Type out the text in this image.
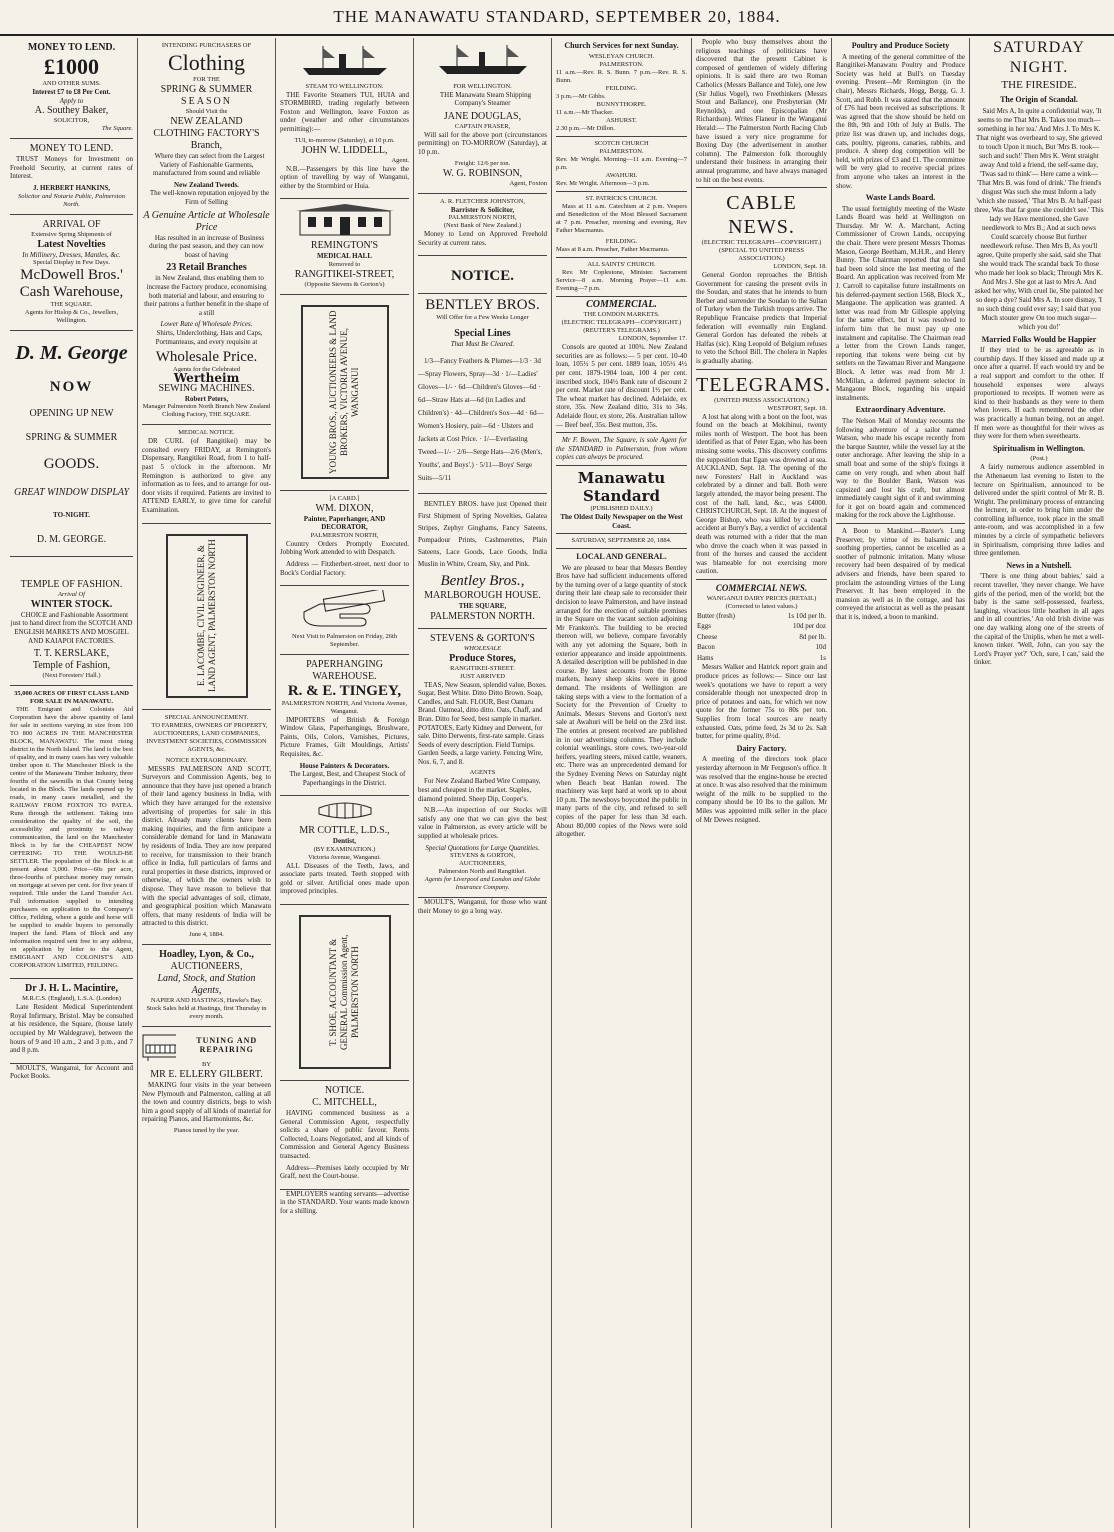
THE MANAWATU STANDARD, SEPTEMBER 20, 1884.
MONEY TO LEND.
£1000
AND OTHER SUMS.
Interest £7 to £8 Per Cent.
Apply to
A. Southey Baker,
SOLICITOR,
The Square.
MONEY TO LEND.

TRUST Moneys for Investment on Freehold Security, at current rates of Interest.

J. HERBERT HANKINS,
Solicitor and Notarie Public, Palmerston North.
ARRIVAL OF
Extensive Spring Shipments of
Latest Novelties
In Millinery, Dresses, Mantles, &c.
Special Display in Few Days.
McDowell Bros.'
Cash Warehouse,
THE SQUARE.
Agents for Hislop & Co., Jewellers, Wellington.
D. M. George
NOW
OPENING UP NEW
SPRING & SUMMER
GOODS.
GREAT WINDOW DISPLAY
TO-NIGHT.
D. M. GEORGE.
TEMPLE OF FASHION.
Arrival Of
WINTER STOCK.

CHOICE and Fashionable Assortment just to hand direct from the SCOTCH AND ENGLISH MARKETS AND MOSGIEL AND KAIAPOI FACTORIES.

T. T. KERSLAKE,
Temple of Fashion,
(Next Foresters' Hall.)
35,000 ACRES OF FIRST CLASS LAND FOR SALE IN MANAWATU.

THE Emigrant and Colonists Aid Corporation have the above quantity of land for sale in sections varying in size from 100 TO 800 ACRES IN THE MANCHESTER BLOCK, MANAWATU. The most rising district in the North Island. The land is the best of quality, and in many cases has very valuable timber upon it. The Manchester Block is the centre of the Manawatu Timber Industry, three fourths of the sawmills in that County being located in the Block. The lands opened up by roads, in many cases metalled, and the RAILWAY FROM FOXTON TO PATEA. Runs through the settlement. Taking into consideration the quality of the soil, the accessibility and proximity to railway communication, the land on the Manchester Block is by far the CHEAPEST NOW OFFERING TO THE WOULD-BE SETTLER. The population of the Block is at present about 3,000. Price—60s per acre, three-fourths of purchase money may remain on mortgage at seven per cent. for five years if required. Title under the Land Transfer Act. Full information supplied to intending purchasers on application to the Company's Office, Feilding, where a guide and horse will be supplied to enable buyers to personally inspect the land. Plans of Block and any information required sent free to any address, on application by letter to the Agent, EMIGRANT AND COLONIST'S AID CORPORATION LIMITED, FEILDING.

Dr J. H. L. Macintire,
M.R.C.S. (England), L.S.A. (London)

Late Resident Medical Superintendent Royal Infirmary, Bristol. May be consulted at his residence, the Square, (house lately occupied by Mr Waldegrave), between the hours of 9 and 10 a.m., 2 and 3 p.m., and 7 and 8 p.m.

MOULT'S, Wanganui, for Account and Pocket Books.

INTENDING PURCHASERS OF
Clothing
FOR THE
SPRING & SUMMER
SEASON
Should Visit the
NEW ZEALAND
CLOTHING FACTORY'S
Branch,

Where they can select from the Largest Variety of Fashionable Garments, manufactured from sound and reliable

New Zealand Tweeds.

The well-known reputation enjoyed by the Firm of Selling

A Genuine Article at Wholesale Price

Has resulted in an increase of Business during the past season, and they can now boast of having

23 Retail Branches

in New Zealand, thus enabling them to increase the Factory produce, economising both material and labour, and ensuring to their patrons a further benefit in the shape of a still

Lower Rate of Wholesale Prices.

Shirts, Underclothing, Hats and Caps, Portmanteaus, and every requisite at

Wholesale Price.
Agents for the Celebrated
Wertheim
SEWING MACHINES.
Robert Peters,
Manager Palmerston North Branch New Zealand Clothing Factory, THE SQUARE.
MEDICAL NOTICE.

DR CURL (of Rangitikei) may be consulted every FRIDAY, at Remington's Dispensary, Rangitikei Road, from 1 to half-past 5 o'clock in the afternoon. Mr Remington is authorized to give any information as to fees, and to arrange for out-door visits if required. Patients are invited to ATTEND EARLY, to give time for careful Examination.

E. LACOMBE, CIVIL ENGINEER, & LAND AGENT, PALMERSTON NORTH
SPECIAL ANNOUNCEMENT.

TO FARMERS, OWNERS OF PROPERTY, AUCTIONEERS, LAND COMPANIES, INVESTMENT SOCIETIES, COMMISSION AGENTS, &c.

NOTICE EXTRAORDINARY.

MESSRS PALMERSON AND SCOTT, Surveyors and Commission Agents, beg to announce that they have just opened a branch of their land agency business in India, with which they have arranged for the extensive advertising of properties for sale in this district. Already many clients have been making inquiries, and the firm anticipate a considerable demand for land in Manawatu by residents of India. They are now prepared to receive, for transmission to their branch office in India, full particulars of farms and rural properties in these districts, improved or otherwise, of which the owners wish to dispose. They have reason to believe that with the special advantages of soil, climate, and geographical position which Manawatu offers, that many residents of India will be attracted to this district.

June 4, 1884.
Hoadley, Lyon, & Co.,
AUCTIONEERS,
Land, Stock, and Station Agents,
NAPIER AND HASTINGS, Hawke's Bay.
Stock Sales held at Hastings, first Thursday in every month.
TUNING AND REPAIRING
BY
MR E. ELLERY GILBERT.

MAKING four visits in the year between New Plymouth and Palmerston, calling at all the town and country districts, begs to wish him a good supply of all kinds of material for repairing Pianos, and Harmoniums, &c.

Pianos tuned by the year.
STEAM TO WELLINGTON.

THE Favorite Steamers TUI, HUIA and STORMBIRD, trading regularly between Foxton and Wellington, leave Foxton as under (weather and other circumstances permitting):—

TUI, to-morrow (Saturday), at 10 p.m.
JOHN W. LIDDELL,
Agent.

N.B.—Passengers by this line have the option of travelling by way of Wanganui, either by the Stormbird or Huia.

REMINGTON'S
MEDICAL HALL
Removed to
RANGITIKEI-STREET,
(Opposite Stevens & Gorton's)
YOUNG BROS., AUCTIONEERS & LAND BROKERS, VICTORIA AVENUE, WANGANUI
[A CARD.]
WM. DIXON,
Painter, Paperhanger, AND DECORATOR,
PALMERSTON NORTH,

Country Orders Promptly Executed. Jobbing Work attended to with Despatch.

Address — Fitzherbert-street, next door to Bock's Cordial Factory.

Next Visit to Palmerston on Friday, 26th September.
PAPERHANGING WAREHOUSE.
R. & E. TINGEY,
PALMERSTON NORTH, And Victoria Avenue, Wanganui.

IMPORTERS of British & Foreign Window Glass, Paperhangings, Brushware, Paints, Oils, Colors, Varnishes, Pictures, Picture Frames, Gilt Mouldings, Artists' Requisites, &c.

House Painters & Decorators.

The Largest, Best, and Cheapest Stock of Paperhangings in the District.

MR COTTLE, L.D.S.,
Dentist,
(BY EXAMINATION.)
Victoria Avenue, Wanganui.

ALL Diseases of the Teeth, Jaws, and associate parts treated. Teeth stopped with gold or silver. Artificial ones made upon improved principles.

T. SHOE, ACCOUNTANT & GENERAL Commission Agent, PALMERSTON NORTH
NOTICE.
C. MITCHELL,

HAVING commenced business as a General Commission Agent, respectfully solicits a share of public favour. Rents Collected, Loans Negotiated, and all kinds of Commission and General Agency Business transacted.

Address—Premises lately occupied by Mr Graff, next the Court-house.

EMPLOYERS wanting servants—advertise in the STANDARD. Your wants made known for a shilling.

FOR WELLINGTON.

THE Manawatu Steam Shipping Company's Steamer

JANE DOUGLAS,
CAPTAIN FRASER,

Will sail for the above port (circumstances permitting) on TO-MORROW (Saturday), at 10 p.m.

Freight: 12/6 per ton.
W. G. ROBINSON,
Agent, Foxton
A. R. FLETCHER JOHNSTON,
Barrister & Solicitor,
PALMERSTON NORTH,
(Next Bank of New Zealand.)

Money to Lend on Approved Freehold Security at current rates.

NOTICE.
BENTLEY BROS.
Will Offer for a Few Weeks Longer
Special Lines
That Must Be Cleared.

1/3—Fancy Feathers & Plumes—1/3 · 3d—Spray Flowers, Spray—3d · 1/—Ladies' Gloves—1/- · 6d—Children's Gloves—6d · 6d—Straw Hats at—6d (in Ladies and Children's) · 4d—Children's Sox—4d · 6d—Women's Hosiery, pair—6d · Ulsters and Jackets at Cost Price. · 1/—Everlasting Tweed—1/- · 2/6—Serge Hats—2/6 (Men's, Youths', and Boys'.) · 5/11—Boys' Serge Suits—5/11

BENTLEY BROS. have just Opened their First Shipment of Spring Novelties, Galatea Stripes, Zephyr Ginghams, Fancy Sateens, Pompadour Prints, Cashmerettes, Plain Sateens, Lace Goods, Lace Goods, India Muslin in White, Cream, Sky, and Pink.

Bentley Bros.,
MARLBOROUGH HOUSE.
THE SQUARE,
PALMERSTON NORTH.
STEVENS & GORTON'S
WHOLESALE
Produce Stores,
RANGITIKEI-STREET.
JUST ARRIVED

TEAS, New Season, splendid value, Boxes. Sugar, Best White. Ditto Ditto Brown. Soap, Candles, and Salt. FLOUR, Best Oamaru Brand. Oatmeal, ditto ditto. Oats, Chaff, and Bran. Ditto for Seed, best sample in market. POTATOES, Early Kidney and Derwent, for sale. Ditto Derwents, first-rate sample. Grass Seeds of every description. Field Turnips. Garden Seeds, a large variety. Fencing Wire, Nos. 6, 7, and 8.

AGENTS

For New Zealand Barbed Wire Company, best and cheapest in the market. Staples, diamond pointed. Sheep Dip, Cooper's.

N.B.—An inspection of our Stocks will satisfy any one that we can give the best value in Palmerston, as every article will be supplied at wholesale prices.

Special Quotations for Large Quantities.
STEVENS & GORTON,
AUCTIONEERS,
Palmerston North and Rangitikei.
Agents for Liverpool and London and Globe Insurance Company.

MOULT'S, Wanganui, for those who want their Money to go a long way.

Church Services for next Sunday.
WESLEYAN CHURCH.
PALMERSTON.
11 a.m.—Rev. R. S. Bunn. 7 p.m.—Rev. R. S. Bunn.
FEILDING.
3 p.m.—Mr Gibbs.
BUNNYTHORPE.
11 a.m.—Mr Thacker.
ASHURST.
2.30 p.m.—Mr Dillon.
SCOTCH CHURCH
PALMERSTON.
Rev. Mr Wright. Morning—11 a.m. Evening—7 p.m.
AWAHURI.
Rev. Mr Wright. Afternoon—3 p.m.
ST. PATRICK'S CHURCH.

Mass at 11 a.m. Catechism at 2 p.m. Vespers and Benediction of the Most Blessed Sacrament at 7 p.m. Preacher, morning and evening, Rev Father Macmanus.

FEILDING.
Mass at 8 a.m. Preacher, Father Macmanus.
ALL SAINTS' CHURCH.

Rev. Mr Coplestone, Minister. Sacrament Service—8 a.m. Morning Prayer—11 a.m. Evening—7 p.m.

COMMERCIAL.
THE LONDON MARKETS.
(ELECTRIC TELEGRAPH—COPYRIGHT.) (REUTER'S TELEGRAMS.)
LONDON, September 17.

Consols are quoted at 100¾. New Zealand securities are as follows:— 5 per cent. 10-40 loan, 105½ 5 per cent. 1889 loan, 105½ 4½ per cent. 1879-1904 loan, 100 4 per cent. inscribed stock, 104½ Bank rate of discount 2 per cent. Market rate of discount 1½ per cent. The wheat market has declined. Adelaide, ex store, 35s. New Zealand ditto, 31s to 34s. Adelaide flour, ex store, 26s. Australian tallow— Beef beef, 35s. Best mutton, 35s.

Mr F. Bowen, The Square, is sole Agent for the STANDARD in Palmerston, from whom copies can always be procured.

Manawatu Standard
(PUBLISHED DAILY.)
The Oldest Daily Newspaper on the West Coast.
SATURDAY, SEPTEMBER 20, 1884.
LOCAL AND GENERAL.

We are pleased to hear that Messrs Bentley Bros have had sufficient inducements offered by the turning over of a large quantity of stock during their late cheap sale to reconsider their decision to leave Palmerston, and have instead arranged for the erection of suitable premises in the Square on the vacant section adjoining Mr Frankton's. The building to be erected thereon will, we believe, compare favorably with any yet adorning the Square, both in exterior appearance and inside appointments. A detailed description will be published in due course. By latest accounts from the Home markets, heavy sheep skins were in good demand. The residents of Wellington are taking steps with a view to the formation of a Society for the Prevention of Cruelty to Animals. Messrs Stevens and Gorton's next sale at Awahuri will be held on the 23rd inst. The entries at present received are published in in our advertising columns. They include colonial weanlings, store cows, two-year-old heifers, yearling steers, mixed cattle, weaners, etc. There was an unprecedented demand for the Sydney Evening News on Saturday night when Beach beat Hanlan rowed. The machinery was kept hard at work up to about 10 p.m. The newsboys boycotted the public in many parts of the city, and refused to sell copies of the paper for less than 3d each. About 80,000 copies of the News were sold altogether.

People who busy themselves about the religious teachings of politicians have discovered that the present Cabinet is composed of gentlemen of widely differing opinions. It is said there are two Roman Catholics (Messrs Ballance and Tole), one Jew (Sir Julius Vogel), two Freethinkers (Messrs Stout and Ballance), one Presbyterian (Mr Reynolds), and one Episcopalian (Mr Richardson). Writes Flaneur in the Wanganui Herald:— The Palmerston North Racing Club have issued a very nice programme for Boxing Day (the advertisement in another column). The Palmerston folk thoroughly understand their business in arranging their annual programme, and have always managed to hit on the best events.

CABLE NEWS.
(ELECTRIC TELEGRAPH—COPYRIGHT.) (SPECIAL TO UNITED PRESS ASSOCIATION.)
LONDON, Sept. 18.

General Gordon reproaches the British Government for causing the present evils in the Soudan, and states that he intends to burn Berber and surrender the Soudan to the Sultan of Turkey when the Turkish troops arrive. The Republique Francaise predicts that Imperial federation will eventually ruin England. General Gordon has defeated the rebels at Halfas (sic). King Leopold of Belgium refuses to veto the School Bill. The cholera in Naples is gradually abating.

TELEGRAMS.
(UNITED PRESS ASSOCIATION.)
WESTPORT, Sept. 18.

A lost hat along with a boot on the foot, was found on the beach at Mokihinui, twenty miles north of Westport. The boot has been identified as that of Peter Egan, who has been missing some weeks. This discovery confirms the supposition that Egan was drowned at sea. AUCKLAND, Sept. 18. The opening of the new Foresters' Hall in Auckland was celebrated by a dinner and ball. Both were largely attended, the mayor being present. The cost of the hall, land, &c., was £4000. CHRISTCHURCH, Sept. 18. At the inquest of George Bishop, who was killed by a coach accident at Burry's Bay, a verdict of accidental death was returned with a rider that the man who drove the coach when it was passed in front of the horses and caused the accident was blameable for not exercising more caution.

COMMERCIAL NEWS.
WANGANUI DAIRY PRICES (RETAIL)
(Corrected to latest values.)
Butter (fresh)	1s 10d per lb.
Eggs	10d per doz
Cheese	8d per lb.
Bacon	10d
Hams	1s

Messrs Walker and Hatrick report grain and produce prices as follows:— Since our last week's quotations we have to report a very considerable though not unexpected drop in price of potatoes and oats, for which we now quote for the former 75s to 80s per ton. Supplies from local sources are nearly exhausted. Oats, prime feed, 2s 3d to 2s. Salt butter, for prime quality, 8½d.

Dairy Factory.

A meeting of the directors took place yesterday afternoon in Mr Ferguson's office. It was resolved that the engine-house be erected at once. It was also resolved that the minimum weight of the milk to be supplied to the company should be 10 lbs to the gallon. Mr Miles was appointed milk seller in the place of Mr Dewes resigned.

Poultry and Produce Society

A meeting of the general committee of the Rangitikei-Manawatu Poultry and Produce Society was held at Bull's on Tuesday evening. Present—Mr Remington (in the chair), Messrs Richards, Hogg, Bergg, G. J. Scott, and Robb. It was stated that the amount of £76 had been received as subscriptions. It was agreed that the show should be held on the 8th, 9th and 10th of July at Bulls. The prize list was drawn up, and includes dogs, cats, poultry, pigeons, canaries, rabbits, and produce. A sheep dog competition will be held, with prizes of £3 and £1. The committee will be very glad to receive special prizes from anyone who takes an interest in the show.

Waste Lands Board.

The usual fortnightly meeting of the Waste Lands Board was held at Wellington on Thursday. Mr W. A. Marchant, Acting Commissioner of Crown Lands, occupying the chair. There were present Messrs Thomas Mason, George Beetham, M.H.R., and Henry Bunny. The Chairman reported that no land had been sold since the last meeting of the Board. An application was received from Mr J. Carroll to capitalise future installments on his deferred-payment section 1568, Block X., Mangaone. The application was granted. A letter was read from Mr Gillespie applying for the same effect, but it was resolved to inform him that he must pay up one instalment and capitalise. The Chairman read a letter from the Crown Lands ranger, reporting that tokens were being cut by settlers on the Tawamau River and Mangaone Block. A letter was read from Mr J. McMillan, a deferred payment selector in Mangaone Block, regarding his unpaid instalments.

Extraordinary Adventure.

The Nelson Mail of Monday recounts the following adventure of a sailor named Watson, who made his escape recently from the barque Saunter, while the vessel lay at the outer anchorage. After leaving the ship in a small boat and some of the ship's fixings it came on very rough, and when about half way to the Boulder Bank, Watson was capsized and lost his craft, but almost immediately caught sight of it and swimming for it got on board again and commenced making for the rock above the Lighthouse.

A Boon to Mankind.—Baxter's Lung Preserver, by virtue of its balsamic and soothing properties, cannot be excelled as a soother of pulmonic irritation. Many whose recovery had been despaired of by medical advisers and friends, have been spared to proclaim the astounding virtues of the Lung Preserver. It has been employed in the mansion as well as in the cottage, and has conveyed the aristocrat as well as the peasant that it is, indeed, a boon to mankind.

SATURDAY NIGHT.
THE FIRESIDE.
The Origin of Scandal.

Said Mrs A, In quite a confidential way, 'It seems to me That Mrs B. Takes too much—something in her tea.' And Mrs J. To Mrs K. That night was overheard to say, She grieved to touch Upon it much, But 'Mrs B. took—such and such!' Then Mrs K. Went straight away And told a friend, the self-same day, 'Twas sad to think'— Here came a wink— 'That Mrs B. was fond of drink.' The friend's disgust Was such she must Inform a lady 'which she nussed,' 'That Mrs B. At half-past three, Was that far gone she couldn't see.' This lady we Have mentioned, she Gave needlework to Mrs B.; And at such news Could scarcely choose But further needlework refuse. Then Mrs B, As you'll agree, Quite properly she said, said she That she would track The scandal back To those who made her look so black; Through Mrs K. And Mrs J. She got at last to Mrs A. And asked her why, With cruel lie, She painted her so deep a dye? Said Mrs A. In sore dismay, 'I no such thing could ever say; I said that you Much stouter grew On too much sugar—which you do!'

Married Folks Would be Happier

If they tried to be as agreeable as in courtship days. If they kissed and made up at once after a quarrel. If each would try and be a real support and comfort to the other. If household expenses were always proportioned to receipts. If women were as kind to their husbands as they were to them when lovers. If each remembered the other was practically a human being, not an angel. If men were as thoughtful for their wives as they were for them when sweethearts.

Spiritualism in Wellington.
(Post.)

A fairly numerous audience assembled in the Athenaeum last evening to listen to the lecture on Spiritualism, announced to be delivered under the spirit control of Mr R. B. Wright. The preliminary process of entrancing the lecturer, in order to bring him under the controlling influence, took place in the small ante-room, and was accomplished in a few minutes by a circle of sympathetic believers in Spiritualism, comprising three ladies and three gentlemen.

News in a Nutshell.

'There is one thing about babies,' said a recent traveller, 'they never change. We have girls of the period, men of the world; but the baby is the same self-possessed, fearless, laughing, vivacious little heathen in all ages and in all countries.' An old Irish divine was one day walking along one of the streets of the capital of the Uniplis, when he met a well-known tinker. 'Well, John, can you say the Lord's Prayer yet?' 'Och, sure, I can,' said the tinker.
